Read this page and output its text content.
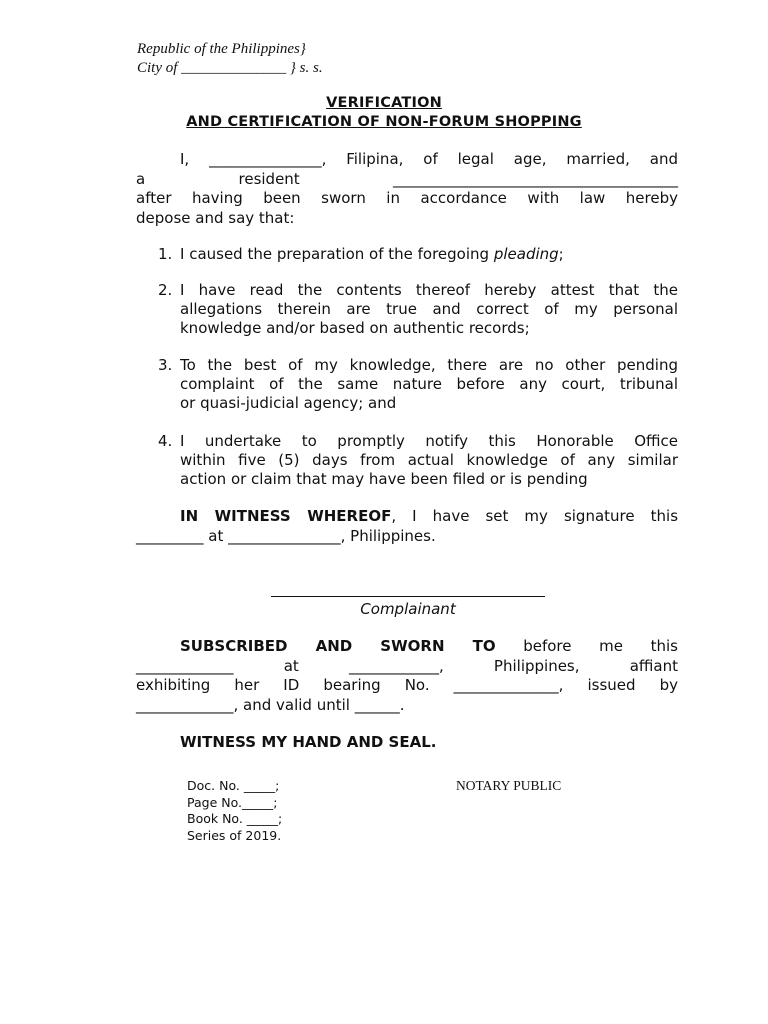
Republic of the Philippines}
City of ______________ } s. s.
VERIFICATION
AND CERTIFICATION OF NON-FORUM SHOPPING
I, _______________, Filipina, of legal age, married, and
a resident ______________________________________
after having been sworn in accordance with law hereby
depose and say that:
1. I caused the preparation of the foregoing pleading;
2. I have read the contents thereof hereby attest that the
allegations therein are true and correct of my personal
knowledge and/or based on authentic records;
3. To the best of my knowledge, there are no other pending
complaint of the same nature before any court, tribunal
or quasi-judicial agency; and
4. I undertake to promptly notify this Honorable Office
within five (5) days from actual knowledge of any similar
action or claim that may have been filed or is pending
IN WITNESS WHEREOF, I have set my signature this
_________ at _______________, Philippines.
Complainant
SUBSCRIBED AND SWORN TO before me this
_____________ at ____________, Philippines, affiant
exhibiting her ID bearing No. ______________, issued by
_____________, and valid until ______.
WITNESS MY HAND AND SEAL.
Doc. No. _____;
Page No._____;
Book No. _____;
Series of 2019.
NOTARY PUBLIC
